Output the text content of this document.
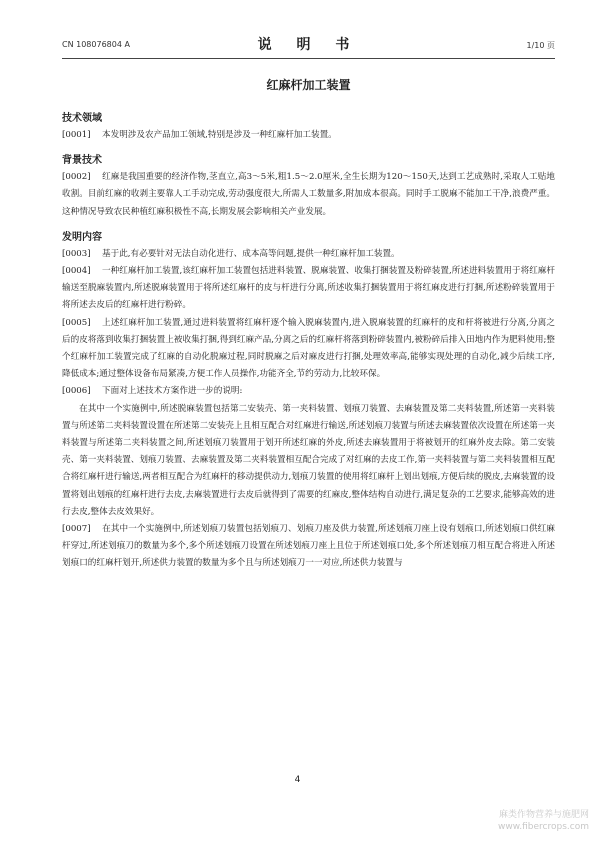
CN 108076804 A	说 明 书	1/10 页
红麻杆加工装置
技术领域

[0001] 本发明涉及农产品加工领域,特别是涉及一种红麻杆加工装置。

背景技术

[0002] 红麻是我国重要的经济作物,茎直立,高3～5米,粗1.5～2.0厘米,全生长期为120～150天,达到工艺成熟时,采取人工贴地收割。目前红麻的收剥主要靠人工手动完成,劳动强度很大,所需人工数量多,附加成本很高。同时手工脱麻不能加工干净,浪费严重。这种情况导致农民种植红麻积极性不高,长期发展会影响相关产业发展。

发明内容

[0003] 基于此,有必要针对无法自动化进行、成本高等问题,提供一种红麻杆加工装置。

[0004] 一种红麻杆加工装置,该红麻杆加工装置包括进料装置、脱麻装置、收集打捆装置及粉碎装置,所述进料装置用于将红麻杆输送至脱麻装置内,所述脱麻装置用于将所述红麻杆的皮与杆进行分离,所述收集打捆装置用于将红麻皮进行打捆,所述粉碎装置用于将所述去皮后的红麻杆进行粉碎。

[0005] 上述红麻杆加工装置,通过进料装置将红麻杆逐个输入脱麻装置内,进入脱麻装置的红麻杆的皮和杆将被进行分离,分离之后的皮将落到收集打捆装置上被收集打捆,得到红麻产品,分离之后的红麻杆将落到粉碎装置内,被粉碎后排入田地内作为肥料使用;整个红麻杆加工装置完成了红麻的自动化脱麻过程,同时脱麻之后对麻皮进行打捆,处理效率高,能够实现处理的自动化,减少后续工序,降低成本;通过整体设备布局紧凑,方便工作人员操作,功能齐全,节约劳动力,比较环保。

[0006] 下面对上述技术方案作进一步的说明:

在其中一个实施例中,所述脱麻装置包括第二安装壳、第一夹料装置、划痕刀装置、去麻装置及第二夹料装置,所述第一夹料装置与所述第二夹料装置设置在所述第二安装壳上且相互配合对红麻进行输送,所述划痕刀装置与所述去麻装置依次设置在所述第一夹料装置与所述第二夹料装置之间,所述划痕刀装置用于划开所述红麻的外皮,所述去麻装置用于将被划开的红麻外皮去除。第二安装壳、第一夹料装置、划痕刀装置、去麻装置及第二夹料装置相互配合完成了对红麻的去皮工作,第一夹料装置与第二夹料装置相互配合将红麻杆进行输送,两者相互配合为红麻杆的移动提供动力,划痕刀装置的使用将红麻杆上划出划痕,方便后续的脱皮,去麻装置的设置将划出划痕的红麻杆进行去皮,去麻装置进行去皮后就得到了需要的红麻皮,整体结构自动进行,满足复杂的工艺要求,能够高效的进行去皮,整体去皮效果好。

[0007] 在其中一个实施例中,所述划痕刀装置包括划痕刀、划痕刀座及供力装置,所述划痕刀座上设有划痕口,所述划痕口供红麻杆穿过,所述划痕刀的数量为多个,多个所述划痕刀设置在所述划痕刀座上且位于所述划痕口处,多个所述划痕刀相互配合将进入所述划痕口的红麻杆划开,所述供力装置的数量为多个且与所述划痕刀一一对应,所述供力装置与

4
麻类作物营养与施肥网
www.fibercrops.com
